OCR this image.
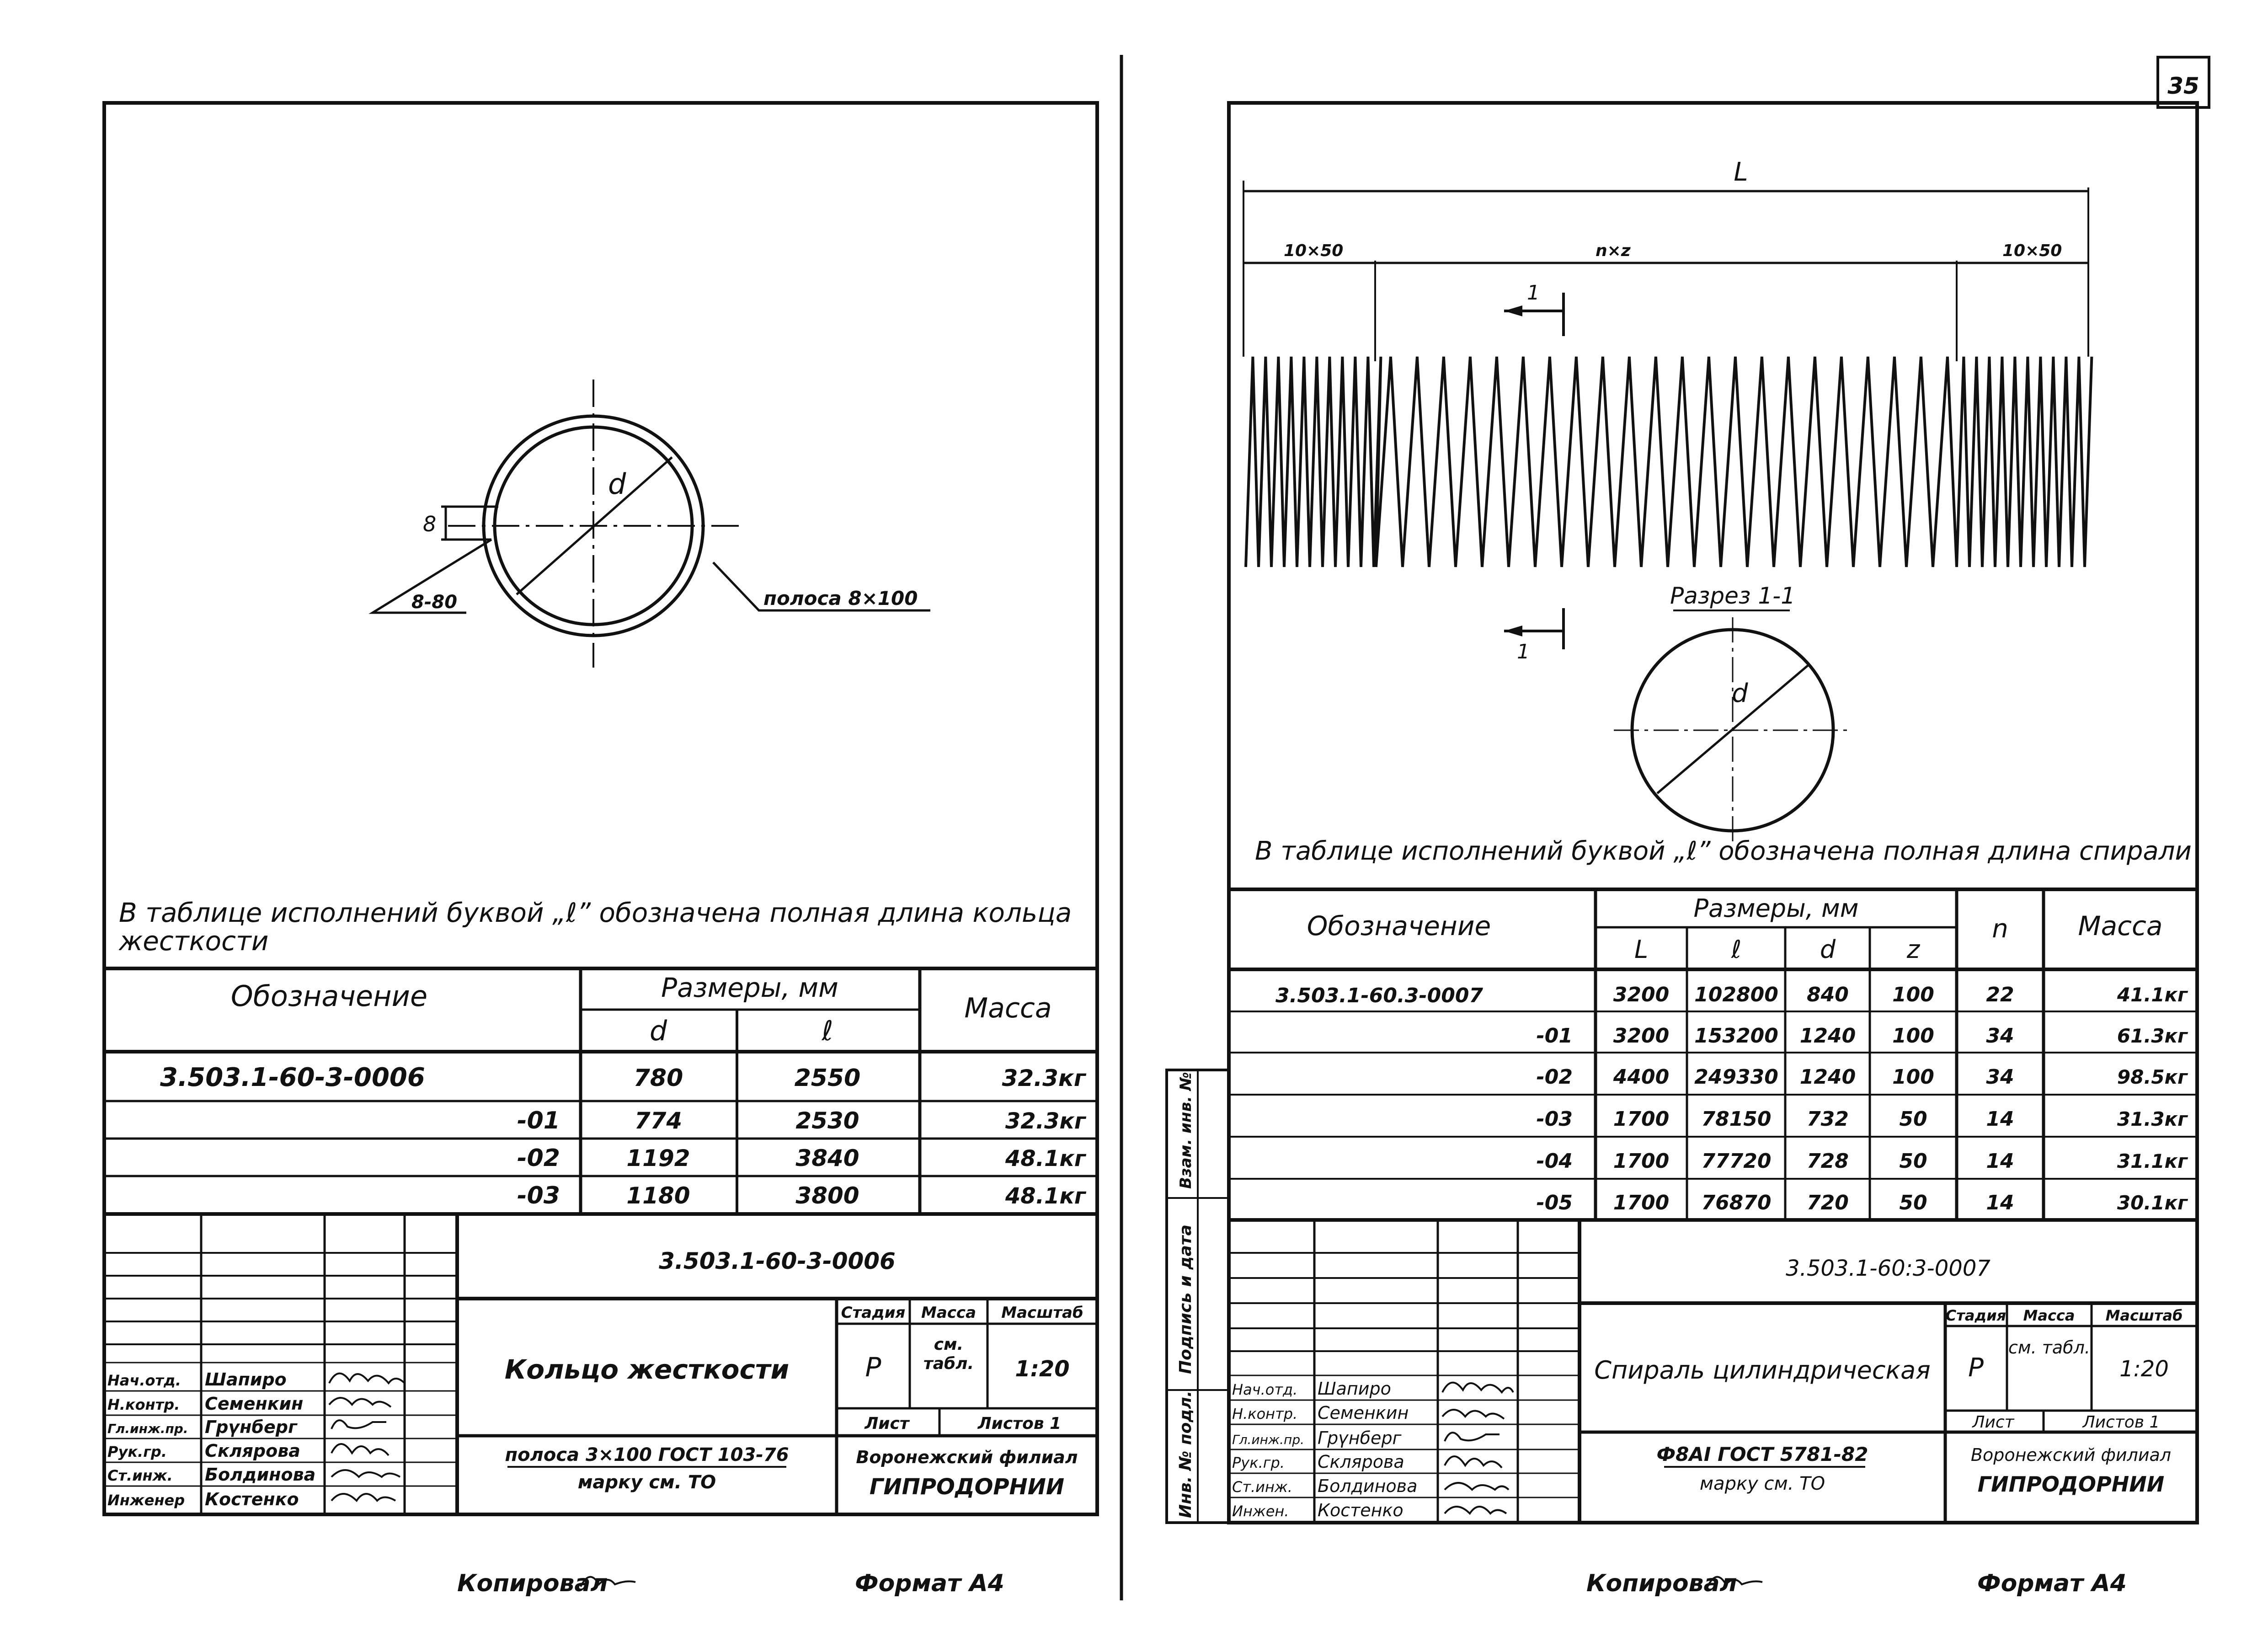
d
8
8-80	полоса 8×100
В таблице исполнений буквой „ℓ” обозначена полная длина кольца жесткости
Обозначение	Размеры, мм
d	ℓ
Масса
3.503.1-60-3-0006	780	2550	32.3кг
-01	774	2530	32.3кг
-02	1192	3840	48.1кг
-03	1180	3800	48.1кг
3.503.1-60-3-0006
Кольцо жесткости
полоса 3×100 ГОСТ 103-76
марку см. ТО
Стадия Масса Масштаб
Р
см. табл.	1:20
Лист	Листов 1
Воронежский филиал
ГИПРОДОРНИИ
Нач.отд. Шапиро
Н.контр. Семенкин
Гл.инж.пр. Грүнберг
Рук.гр. Склярова
Ст.инж. Болдинова
Инженер Костенко
Копировал	Формат А4
35
L
10×50	n×z	10×50
1
1
Разрез 1-1
d
В таблице исполнений буквой „ℓ” обозначена полная длина спирали
Обозначение
Размеры, мм
L	ℓ	d	z
n	Масса
3.503.1-60.3-0007	3200 102800 840 100	22	41.1кг
-01 3200 153200 1240 100	34	61.3кг
-02 4400 249330 1240 100	34	98.5кг
-03 1700 78150 732	50	14	31.3кг
-04 1700 77720 728	50	14	31.1кг
-05 1700 76870 720	50	14	30.1кг
Инв. № подл.
Подпись и дата
Взам. инв. №
3.503.1-60:3-0007
Спираль цилиндрическая
Ф8АI ГОСТ 5781-82
марку см. ТО
Стадия Масса Масштаб
Р
см. табл.
1:20
Лист	Листов 1
Воронежский филиал
ГИПРОДОРНИИ
Нач.отд. Шапиро
Н.контр. Семенкин
Гл.инж.пр. Грүнберг
Рук.гр. Склярова
Ст.инж. Болдинова
Инжен. Костенко
Копировал	Формат А4
